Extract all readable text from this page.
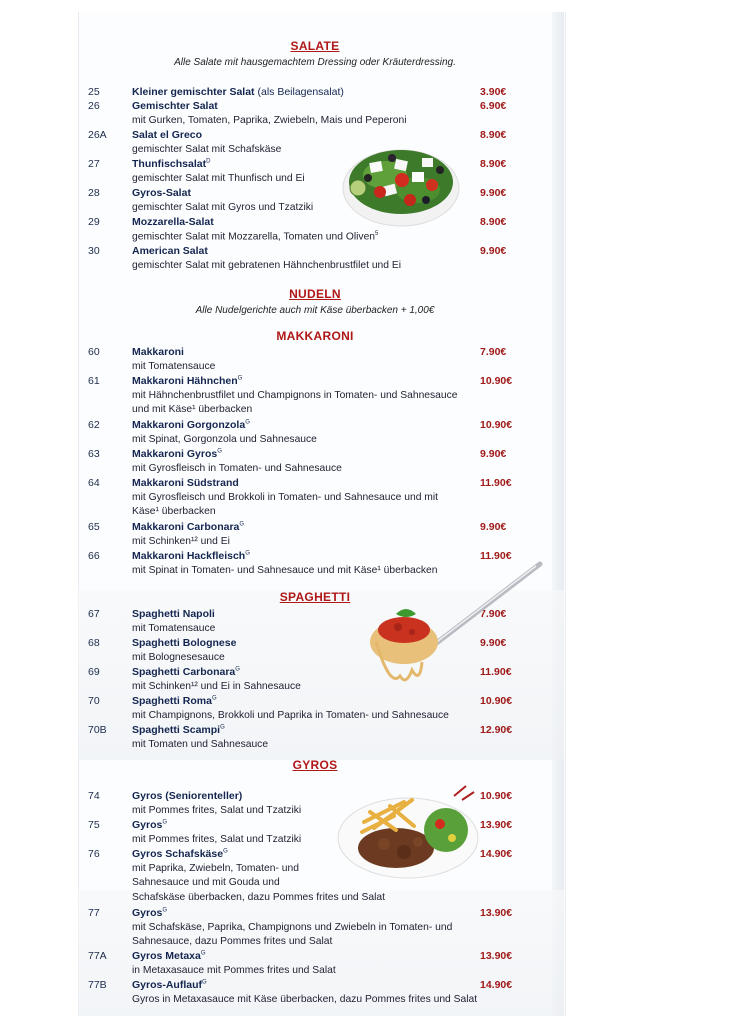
SALATE
Alle Salate mit hausgemachtem Dressing oder Kräuterdressing.
NUDELN
Alle Nudelgerichte auch mit Käse überbacken + 1,00€
MAKKARONI
SPAGHETTI
GYROS
25	Kleiner gemischter Salat (als Beilagensalat)	3.90€
26	Gemischter Salat	6.90€
mit Gurken, Tomaten, Paprika, Zwiebeln, Mais und Peperoni
26A Salat el Greco	8.90€
gemischter Salat mit Schafskäse
27	Thunfischsalat$^D$	8.90€
gemischter Salat mit Thunfisch und Ei
28	Gyros-Salat	9.90€
gemischter Salat mit Gyros und Tzatziki
29	Mozzarella-Salat	8.90€
gemischter Salat mit Mozzarella, Tomaten und Oliven$^5$
30	American Salat	9.90€
gemischter Salat mit gebratenen Hähnchenbrustfilet und Ei
60	Makkaroni	7.90€
mit Tomatensauce
61	Makkaroni Hähnchen$^G$	10.90€
mit Hähnchenbrustfilet und Champignons in Tomaten- und Sahnesauce
und mit Käse¹ überbacken
62	Makkaroni Gorgonzola$^G$	10.90€
mit Spinat, Gorgonzola und Sahnesauce
63	Makkaroni Gyros$^G$	9.90€
mit Gyrosfleisch in Tomaten- und Sahnesauce
64	Makkaroni Südstrand	11.90€
mit Gyrosfleisch und Brokkoli in Tomaten- und Sahnesauce und mit
Käse¹ überbacken
65	Makkaroni Carbonara$^G$	9.90€
mit Schinken¹² und Ei
66	Makkaroni Hackfleisch$^G$	11.90€
mit Spinat in Tomaten- und Sahnesauce und mit Käse¹ überbacken
67	Spaghetti Napoli	7.90€
mit Tomatensauce
68	Spaghetti Bolognese	9.90€
mit Bolognesesauce
69	Spaghetti Carbonara$^G$	11.90€
mit Schinken¹² und Ei in Sahnesauce
70	Spaghetti Roma$^G$	10.90€
mit Champignons, Brokkoli und Paprika in Tomaten- und Sahnesauce
70B Spaghetti Scampi$^G$	12.90€
mit Tomaten und Sahnesauce
74	Gyros (Seniorenteller)	10.90€
mit Pommes frites, Salat und Tzatziki
75	Gyros$^G$	13.90€
mit Pommes frites, Salat und Tzatziki
76	Gyros Schafskäse$^G$	14.90€
mit Paprika, Zwiebeln, Tomaten- und
Sahnesauce und mit Gouda und
Schafskäse überbacken, dazu Pommes frites und Salat
77	Gyros$^G$	13.90€
mit Schafskäse, Paprika, Champignons und Zwiebeln in Tomaten- und
Sahnesauce, dazu Pommes frites und Salat
77A Gyros Metaxa$^G$	13.90€
in Metaxasauce mit Pommes frites und Salat
77B Gyros-Auflauf$^G$	14.90€
Gyros in Metaxasauce mit Käse überbacken, dazu Pommes frites und Salat
